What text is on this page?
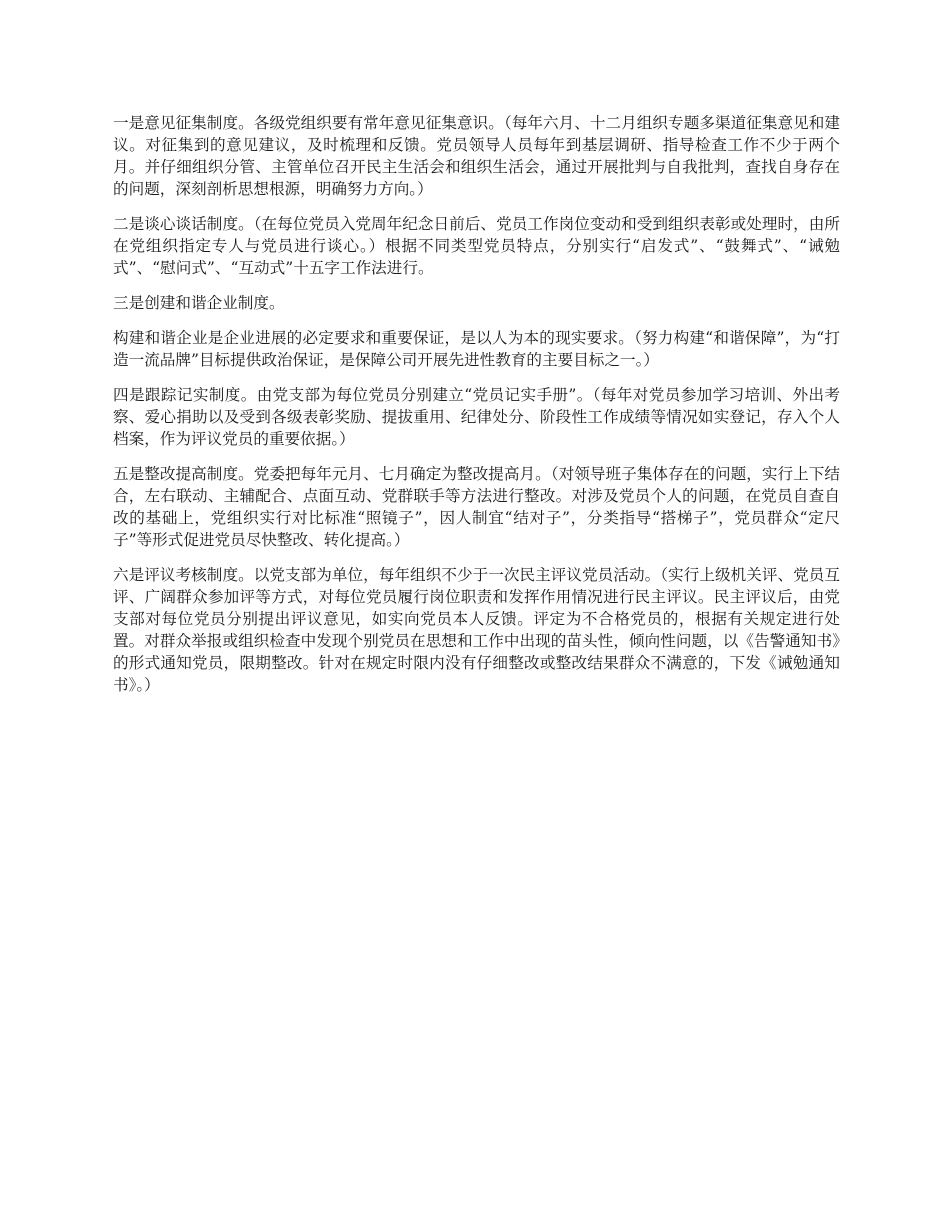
一是意见征集制度。各级党组织要有常年意见征集意识。（每年六月、十二月组织专题多渠道征集意见和建议。对征集到的意见建议，及时梳理和反馈。党员领导人员每年到基层调研、指导检查工作不少于两个月。并仔细组织分管、主管单位召开民主生活会和组织生活会，通过开展批判与自我批判，查找自身存在的问题，深刻剖析思想根源，明确努力方向。）

二是谈心谈话制度。（在每位党员入党周年纪念日前后、党员工作岗位变动和受到组织表彰或处理时，由所在党组织指定专人与党员进行谈心。）根据不同类型党员特点，分别实行“启发式”、“鼓舞式”、“诫勉式”、“慰问式”、“互动式”十五字工作法进行。

三是创建和谐企业制度。

构建和谐企业是企业进展的必定要求和重要保证，是以人为本的现实要求。（努力构建“和谐保障”，为“打造一流品牌”目标提供政治保证，是保障公司开展先进性教育的主要目标之一。）

四是跟踪记实制度。由党支部为每位党员分别建立“党员记实手册”。（每年对党员参加学习培训、外出考察、爱心捐助以及受到各级表彰奖励、提拔重用、纪律处分、阶段性工作成绩等情况如实登记，存入个人档案，作为评议党员的重要依据。）

五是整改提高制度。党委把每年元月、七月确定为整改提高月。（对领导班子集体存在的问题，实行上下结合，左右联动、主辅配合、点面互动、党群联手等方法进行整改。对涉及党员个人的问题，在党员自查自改的基础上，党组织实行对比标准“照镜子”，因人制宜“结对子”，分类指导“搭梯子”，党员群众“定尺子”等形式促进党员尽快整改、转化提高。）

六是评议考核制度。以党支部为单位，每年组织不少于一次民主评议党员活动。（实行上级机关评、党员互评、广阔群众参加评等方式，对每位党员履行岗位职责和发挥作用情况进行民主评议。民主评议后，由党支部对每位党员分别提出评议意见，如实向党员本人反馈。评定为不合格党员的，根据有关规定进行处置。对群众举报或组织检查中发现个别党员在思想和工作中出现的苗头性，倾向性问题，以《告警通知书》的形式通知党员，限期整改。针对在规定时限内没有仔细整改或整改结果群众不满意的，下发《诫勉通知书》。）
